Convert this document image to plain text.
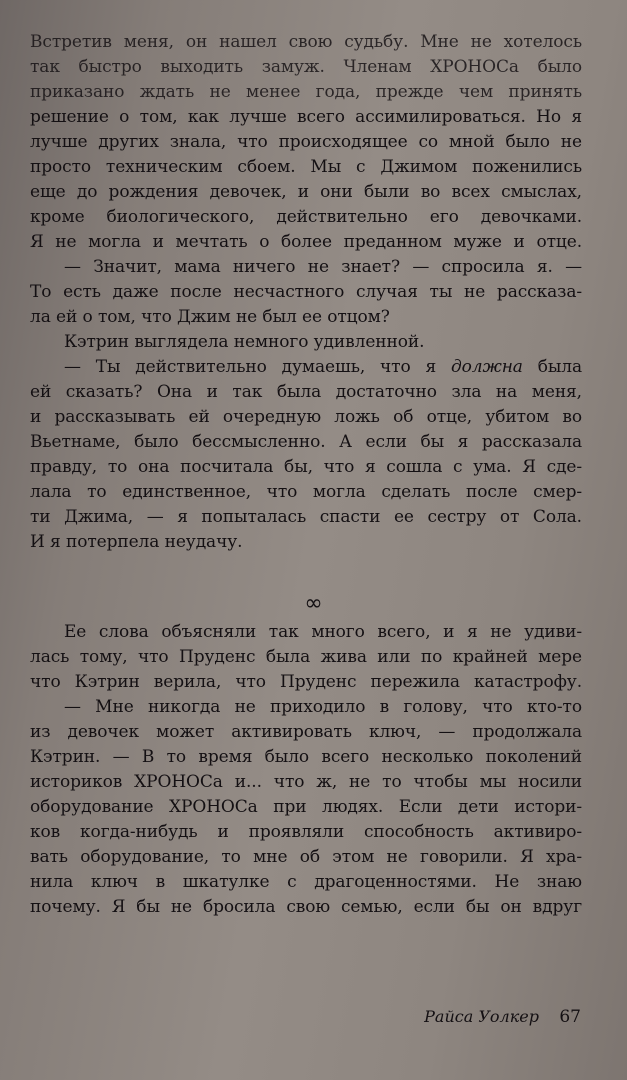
Встретив меня, он нашел свою судьбу. Мне не хотелось
так быстро выходить замуж. Членам ХРОНОСа было
приказано ждать не менее года, прежде чем принять
решение о том, как лучше всего ассимилироваться. Но я
лучше других знала, что происходящее со мной было не
просто техническим сбоем. Мы с Джимом поженились
еще до рождения девочек, и они были во всех смыслах,
кроме биологического, действительно его девочками.
Я не могла и мечтать о более преданном муже и отце.
— Значит, мама ничего не знает? — спросила я. —
То есть даже после несчастного случая ты не рассказа-
ла ей о том, что Джим не был ее отцом?
Кэтрин выглядела немного удивленной.
— Ты действительно думаешь, что я должна была
ей сказать? Она и так была достаточно зла на меня,
и рассказывать ей очередную ложь об отце, убитом во
Вьетнаме, было бессмысленно. А если бы я рассказала
правду, то она посчитала бы, что я сошла с ума. Я сде-
лала то единственное, что могла сделать после смер-
ти Джима, — я попыталась спасти ее сестру от Сола.
И я потерпела неудачу.
∞
Ее слова объясняли так много всего, и я не удиви-
лась тому, что Пруденс была жива или по крайней мере
что Кэтрин верила, что Пруденс пережила катастрофу.
— Мне никогда не приходило в голову, что кто-то
из девочек может активировать ключ, — продолжала
Кэтрин. — В то время было всего несколько поколений
историков ХРОНОСа и... что ж, не то чтобы мы носили
оборудование ХРОНОСа при людях. Если дети истори-
ков когда-нибудь и проявляли способность активиро-
вать оборудование, то мне об этом не говорили. Я хра-
нила ключ в шкатулке с драгоценностями. Не знаю
почему. Я бы не бросила свою семью, если бы он вдруг
Райса Уолкер 67
